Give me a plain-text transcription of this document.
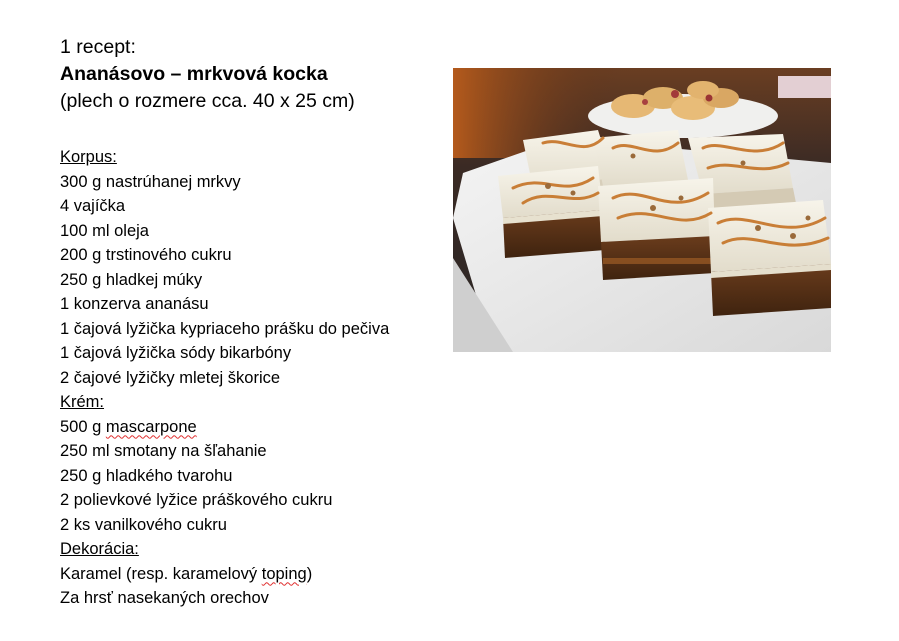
1 recept:
Ananásovo – mrkvová kocka
(plech o rozmere cca. 40 x 25 cm)
Korpus:
300 g nastrúhanej mrkvy
4 vajíčka
100 ml oleja
200 g trstinového cukru
250 g hladkej múky
1 konzerva ananásu
1 čajová lyžička kypriaceho prášku do pečiva
1 čajová lyžička sódy bikarbóny
2 čajové lyžičky mletej škorice
Krém:
500 g mascarpone
250 ml smotany na šľahanie
250 g hladkého tvarohu
2 polievkové lyžice práškového cukru
2 ks vanilkového cukru
Dekorácia:
Karamel (resp. karamelový toping)
Za hrsť nasekaných orechov
